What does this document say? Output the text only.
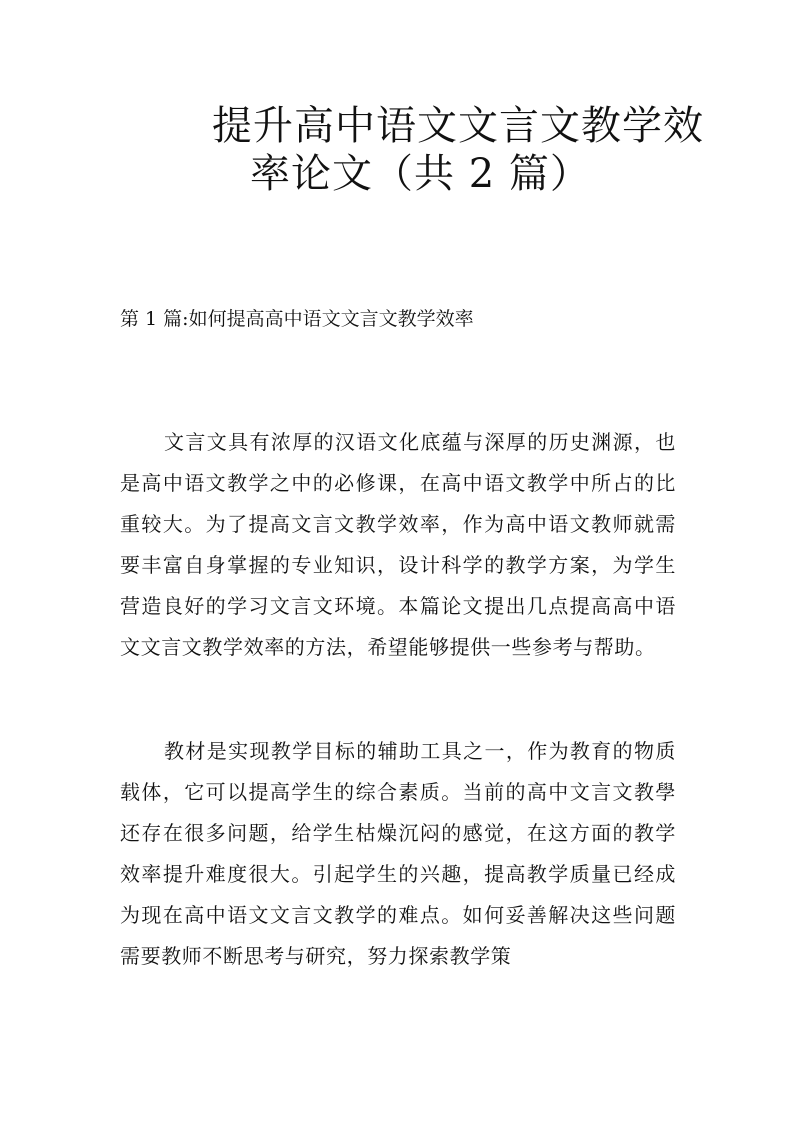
提升高中语文文言文教学效
率论文（共 2 篇）
第 1 篇:如何提高高中语文文言文教学效率

文言文具有浓厚的汉语文化底蕴与深厚的历史渊源，也是高中语文教学之中的必修课，在高中语文教学中所占的比重较大。为了提高文言文教学效率，作为高中语文教师就需要丰富自身掌握的专业知识，设计科学的教学方案，为学生营造良好的学习文言文环境。本篇论文提出几点提高高中语文文言文教学效率的方法，希望能够提供一些参考与帮助。

教材是实现教学目标的辅助工具之一，作为教育的物质载体，它可以提高学生的综合素质。当前的高中文言文教學还存在很多问题，给学生枯燥沉闷的感觉，在这方面的教学效率提升难度很大。引起学生的兴趣，提高教学质量已经成为现在高中语文文言文教学的难点。如何妥善解决这些问题需要教师不断思考与研究，努力探索教学策
